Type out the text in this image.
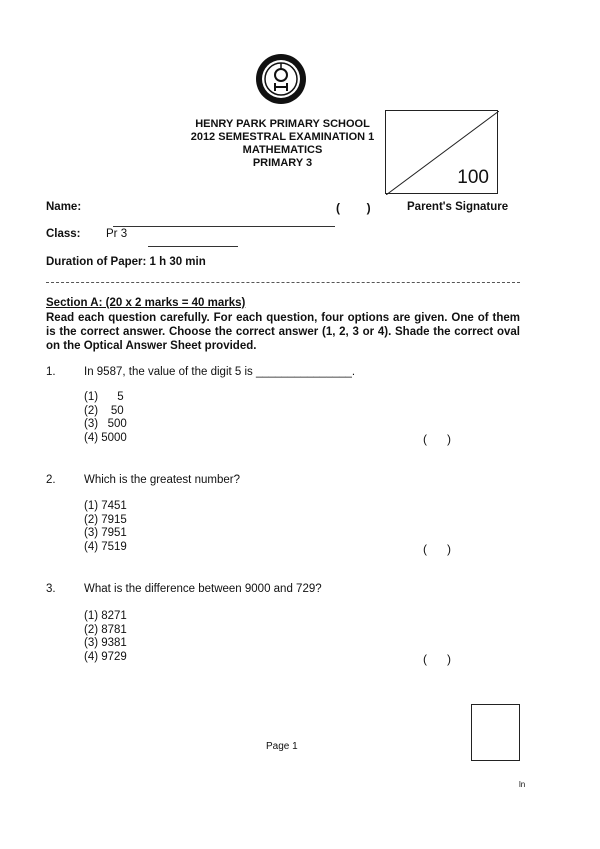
HENRY PARK PRIMARY SCHOOL
2012 SEMESTRAL EXAMINATION 1
MATHEMATICS
PRIMARY 3
100
Name:	(        )	Parent's Signature
Class: Pr 3
Duration of Paper: 1 h 30 min
Section A: (20 x 2 marks = 40 marks)
Read each question carefully. For each question, four options are given. One of them is the correct answer. Choose the correct answer (1, 2, 3 or 4). Shade the correct oval on the Optical Answer Sheet provided.
1. In 9587, the value of the digit 5 is _______________.
(1)      5
(2)    50
(3)   500
(4) 5000	(      )
2. Which is the greatest number?
(1) 7451
(2) 7915
(3) 7951
(4) 7519	(      )
3. What is the difference between 9000 and 729?
(1) 8271
(2) 8781
(3) 9381
(4) 9729	(      )
Page 1
ln
